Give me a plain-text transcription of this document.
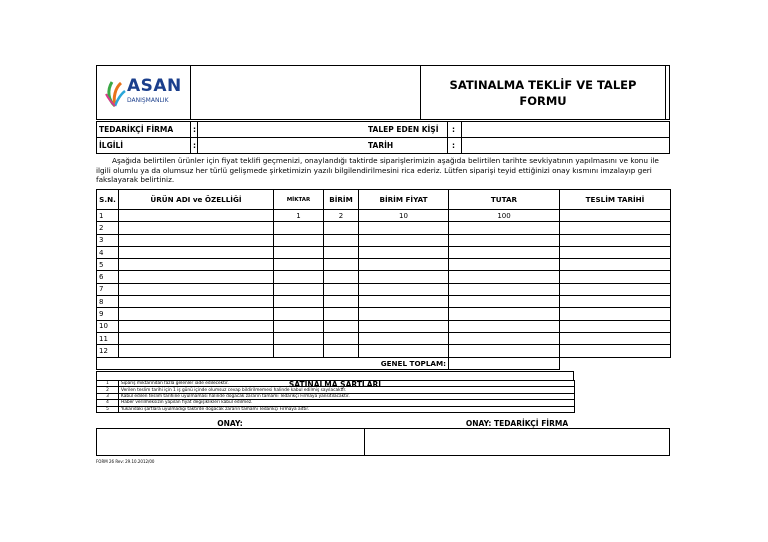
ASAN
DANIŞMANLIK
SATINALMA TEKLİF VE TALEP
FORMU
TEDARİKÇİ FİRMA	:	TALEP EDEN KİŞİ :
İLGİLİ	:	TARİH	:
Aşağıda belirtilen ürünler için fiyat teklifi geçmenizi, onaylandığı taktirde siparişlerimizin aşağıda belirtilen tarihte sevkiyatının yapılmasını ve konu ile ilgili olumlu ya da olumsuz her türlü gelişmede şirketimizin yazılı bilgilendirilmesini rica ederiz. Lütfen siparişi teyid ettiğinizi onay kısmını imzalayıp geri fakslayarak belirtiniz.
S.N.	ÜRÜN ADI ve ÖZELLİĞİ	MİKTAR	BİRİM	BİRİM FİYAT	TUTAR	TESLİM TARİHİ
1		1	2	10	100	
2						
3						
4						
5						
6						
7						
8						
9						
10						
11						
12						
GENEL TOPLAM:						
SATINALMA ŞARTLARI
1	Sipariş miktarından fazla gelenler iade edilecektir.
2	Verilen teslim tarihi için 1 iş günü içinde olumsuz cevap bildirilmemesi halinde kabul edilmiş sayılacaktır.
3	Kabul edilen teslim tarihine uyulmaması halinde doğacak zararın tamamı Tedarikçi Firmaya yansıtılacaktır.
4	Haber verilmeksizin yapılan fiyat değişiklikleri kabul edilmez.
5	Yukarıdaki şartlara uyulmadığı taktirde doğacak zararın tamamı Tedarikçi Firmaya aittir.
ONAY:	ONAY: TEDARİKÇİ FİRMA
FORM 26 Rev: 29.10.2012/00
